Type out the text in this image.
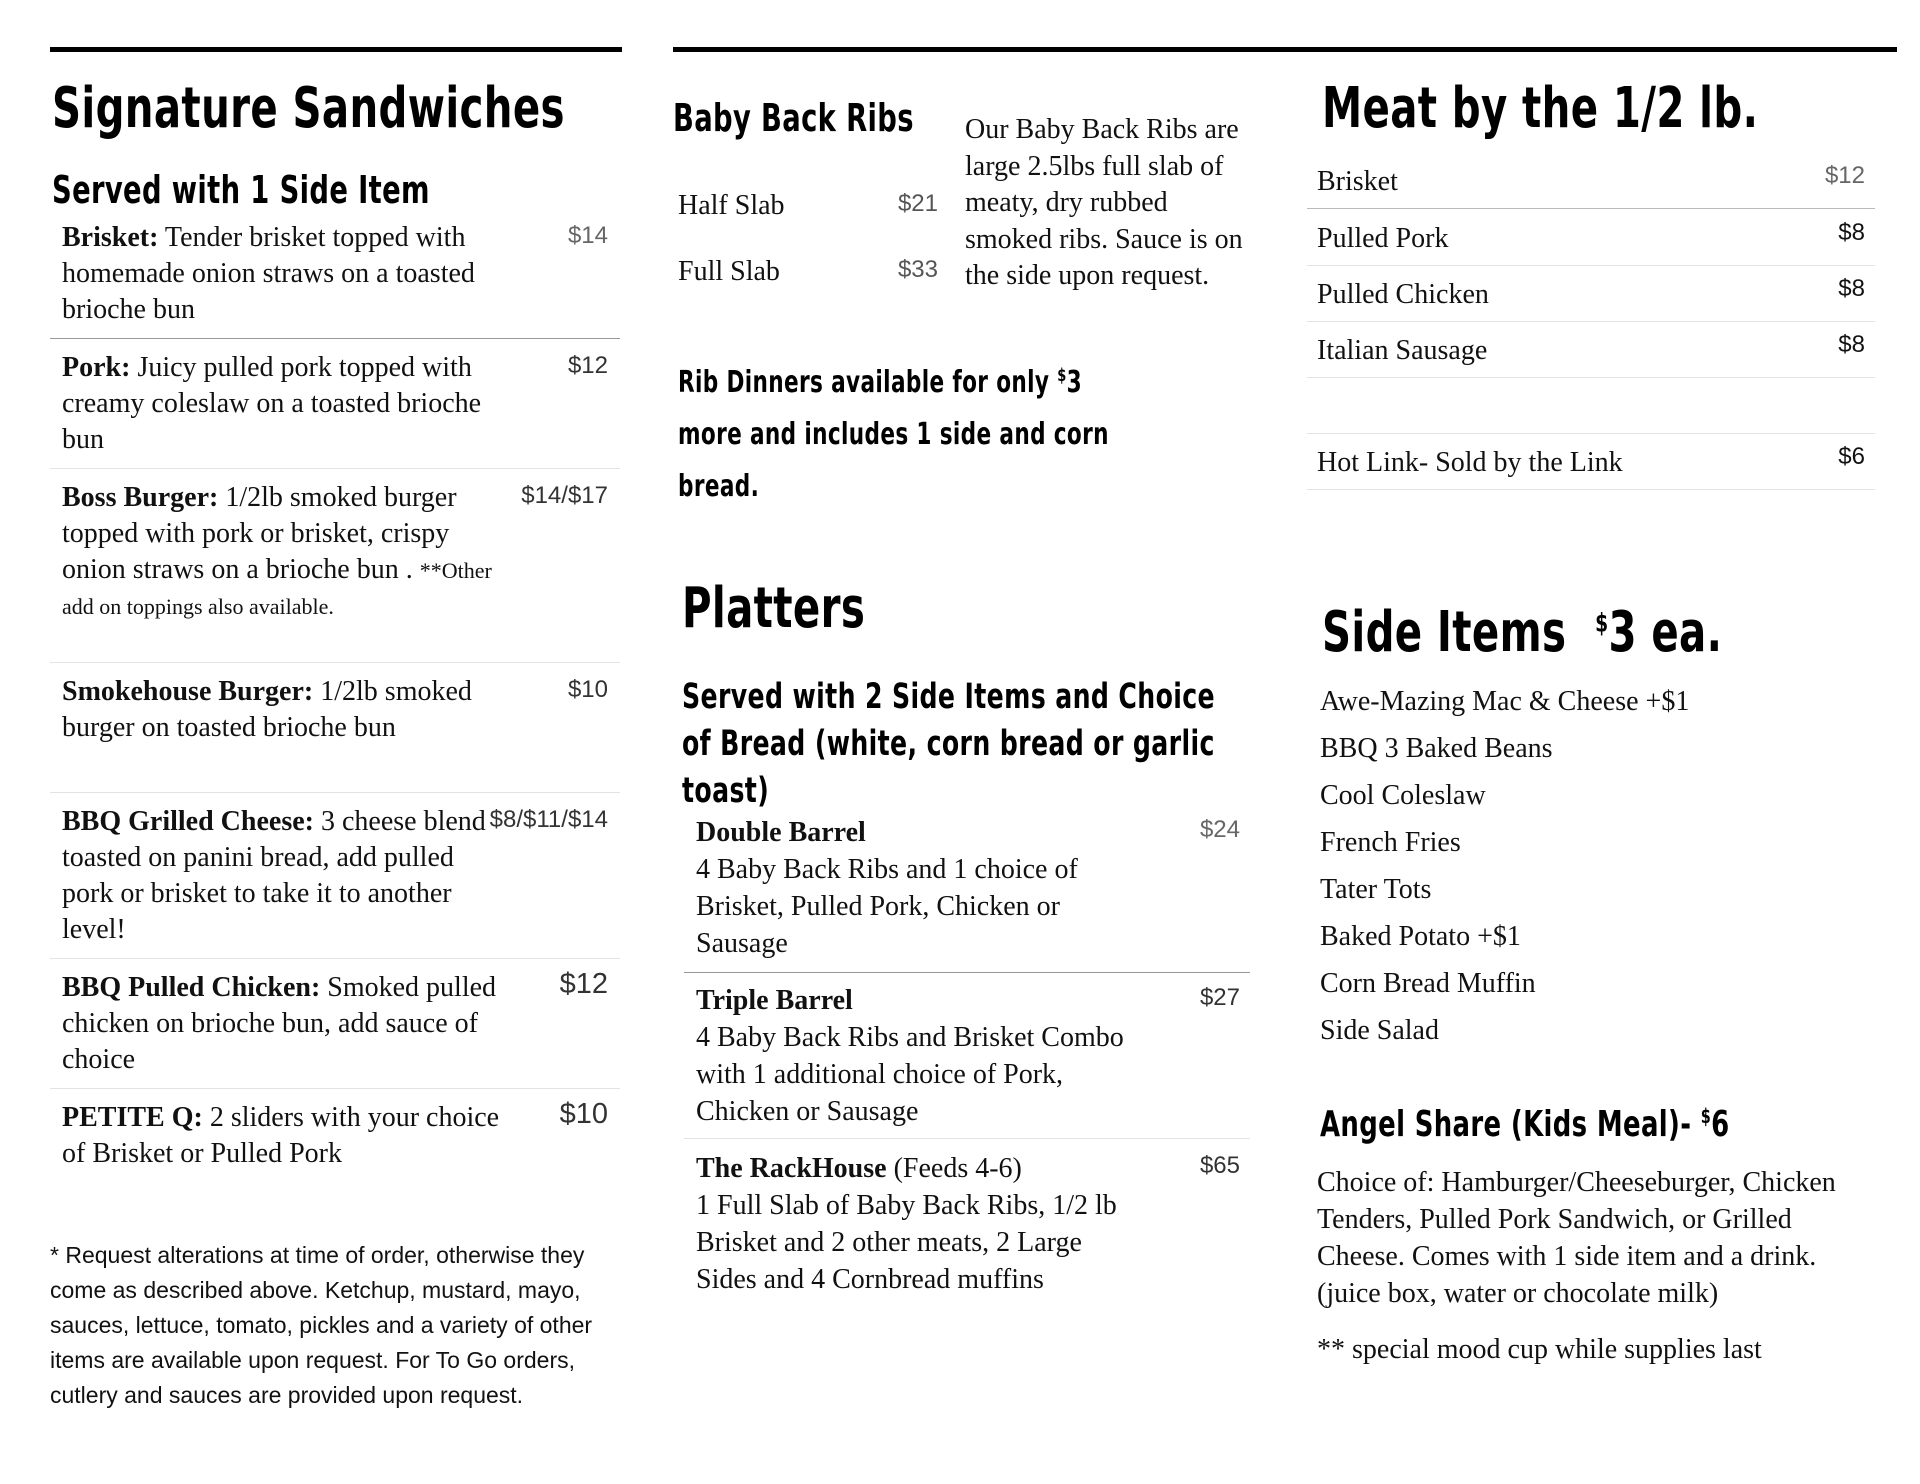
Signature Sandwiches
Served with 1 Side Item
Brisket: Tender brisket topped with homemade onion straws on a toasted brioche bun
$14
Pork: Juicy pulled pork topped with creamy coleslaw on a toasted brioche bun
$12
Boss Burger: 1/2lb smoked burger topped with pork or brisket, crispy onion straws on a brioche bun . **Other add on toppings also available.
$14/$17
Smokehouse Burger: 1/2lb smoked burger on toasted brioche bun
$10
BBQ Grilled Cheese: 3 cheese blend toasted on panini bread, add pulled pork or brisket to take it to another level!
$8/$11/$14
BBQ Pulled Chicken: Smoked pulled chicken on brioche bun, add sauce of choice
$12
PETITE Q: 2 sliders with your choice of Brisket or Pulled Pork
$10
* Request alterations at time of order, otherwise they come as described above. Ketchup, mustard, mayo, sauces, lettuce, tomato, pickles and a variety of other items are available upon request. For To Go orders, cutlery and sauces are provided upon request.
Baby Back Ribs
Half Slab	$21
Full Slab	$33
Our Baby Back Ribs are large 2.5lbs full slab of meaty, dry rubbed smoked ribs. Sauce is on the side upon request.
Rib Dinners available for only $3 more and includes 1 side and corn bread.
Platters
Served with 2 Side Items and Choice of Bread (white, corn bread or garlic toast)
Double Barrel
4 Baby Back Ribs and 1 choice of Brisket, Pulled Pork, Chicken or Sausage
$24
Triple Barrel
4 Baby Back Ribs and Brisket Combo with 1 additional choice of Pork, Chicken or Sausage
$27
The RackHouse (Feeds 4-6)
1 Full Slab of Baby Back Ribs, 1/2 lb Brisket and 2 other meats, 2 Large Sides and 4 Cornbread muffins
$65
Meat by the 1/2 lb.
Brisket	$12
Pulled Pork	$8
Pulled Chicken	$8
Italian Sausage	$8
Hot Link- Sold by the Link	$6
Side Items $3 ea.
Awe-Mazing Mac & Cheese +$1
BBQ 3 Baked Beans
Cool Coleslaw
French Fries
Tater Tots
Baked Potato +$1
Corn Bread Muffin
Side Salad
Angel Share (Kids Meal)- $6
Choice of: Hamburger/Cheeseburger, Chicken Tenders, Pulled Pork Sandwich, or Grilled Cheese. Comes with 1 side item and a drink. (juice box, water or chocolate milk)
** special mood cup while supplies last
